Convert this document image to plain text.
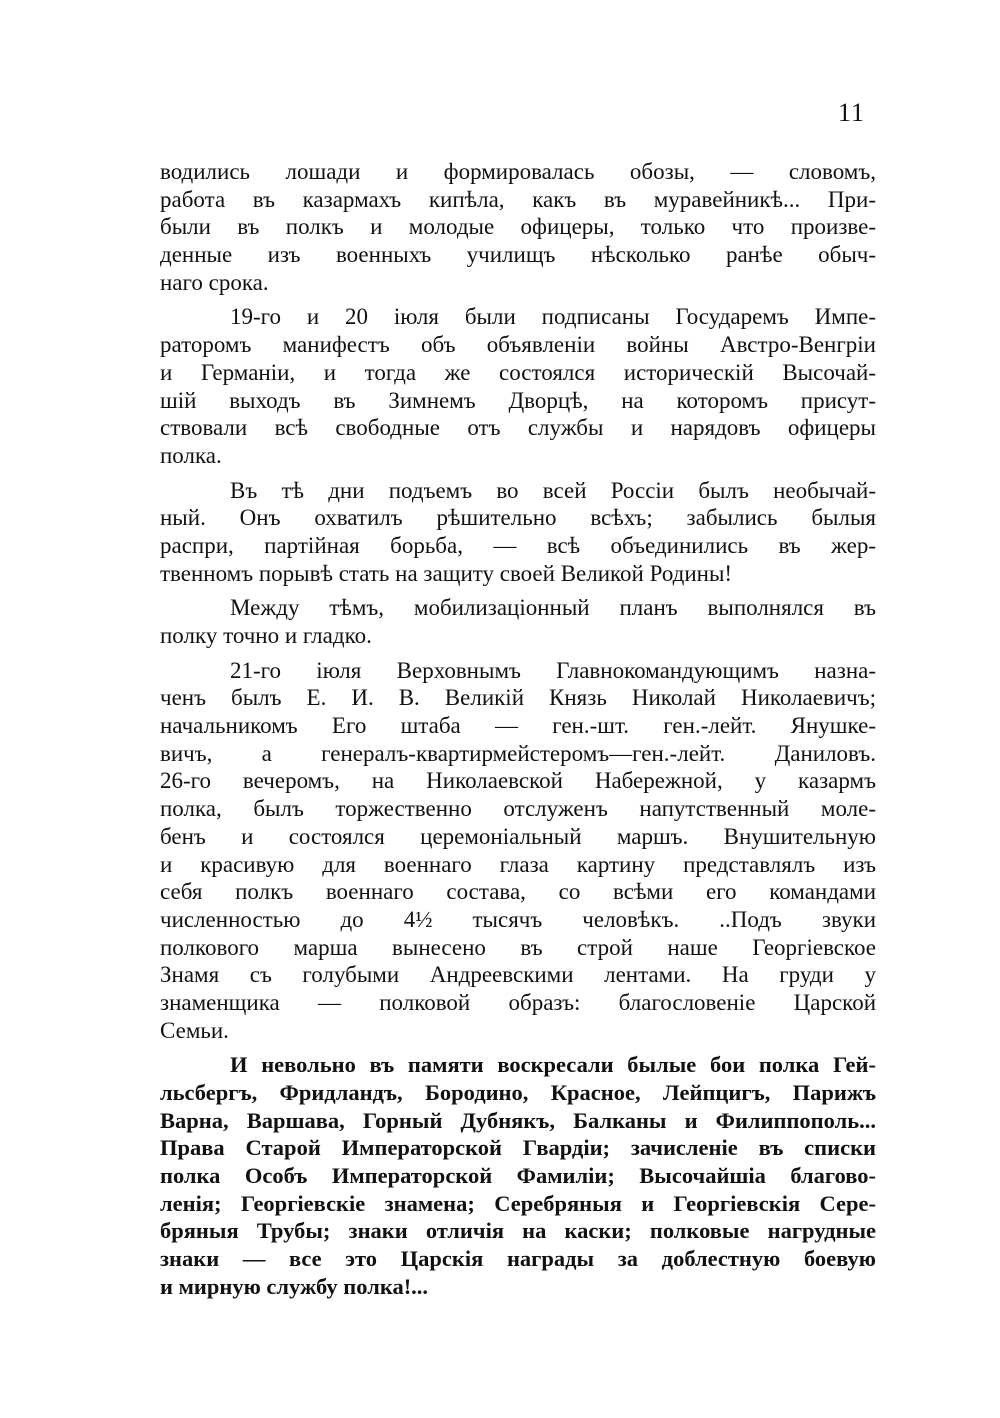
11
водились лошади и формировалась обозы, — словомъ,
работа въ казармахъ кипѣла, какъ въ муравейникѣ... При-
были въ полкъ и молодые офицеры, только что произве-
денные изъ военныхъ училищъ нѣсколько ранѣе обыч-
наго срока.
19-го и 20 іюля были подписаны Государемъ Импе-
раторомъ манифестъ объ объявленіи войны Австро-Венгріи
и Германіи, и тогда же состоялся историческій Высочай-
шій выходъ въ Зимнемъ Дворцѣ, на которомъ присут-
ствовали всѣ свободные отъ службы и нарядовъ офицеры
полка.
Въ тѣ дни подъемъ во всей Россіи былъ необычай-
ный. Онъ охватилъ рѣшительно всѣхъ; забылись былыя
распри, партійная борьба, — всѣ объединились въ жер-
твенномъ порывѣ стать на защиту своей Великой Родины!
Между тѣмъ, мобилизаціонный планъ выполнялся въ
полку точно и гладко.
21-го іюля Верховнымъ Главнокомандующимъ назна-
ченъ былъ Е. И. В. Великій Князь Николай Николаевичъ;
начальникомъ Его штаба — ген.-шт. ген.-лейт. Янушке-
вичъ, а генералъ-квартирмейстеромъ—ген.-лейт. Даниловъ.
26-го вечеромъ, на Николаевской Набережной, у казармъ
полка, былъ торжественно отслуженъ напутственный моле-
бенъ и состоялся церемоніальный маршъ. Внушительную
и красивую для военнаго глаза картину представлялъ изъ
себя полкъ военнаго состава, со всѣми его командами
численностью до 4½ тысячъ человѣкъ. ..Подъ звуки
полкового марша вынесено въ строй наше Георгіевское
Знамя съ голубыми Андреевскими лентами. На груди у
знаменщика — полковой образъ: благословеніе Царской
Семьи.
И невольно въ памяти воскресали былые бои полка Гей-
льсбергъ, Фридландъ, Бородино, Красное, Лейпцигъ, Парижъ
Варна, Варшава, Горный Дубнякъ, Балканы и Филиппополь...
Права Старой Императорской Гвардіи; зачисленіе въ списки
полка Особъ Императорской Фамиліи; Высочайшiа благово-
ленія; Георгіевскіе знамена; Серебряныя и Георгіевскія Сере-
бряныя Трубы; знаки отличія на каски; полковые нагрудные
знаки — все это Царскія награды за доблестную боевую
и мирную службу полка!...
